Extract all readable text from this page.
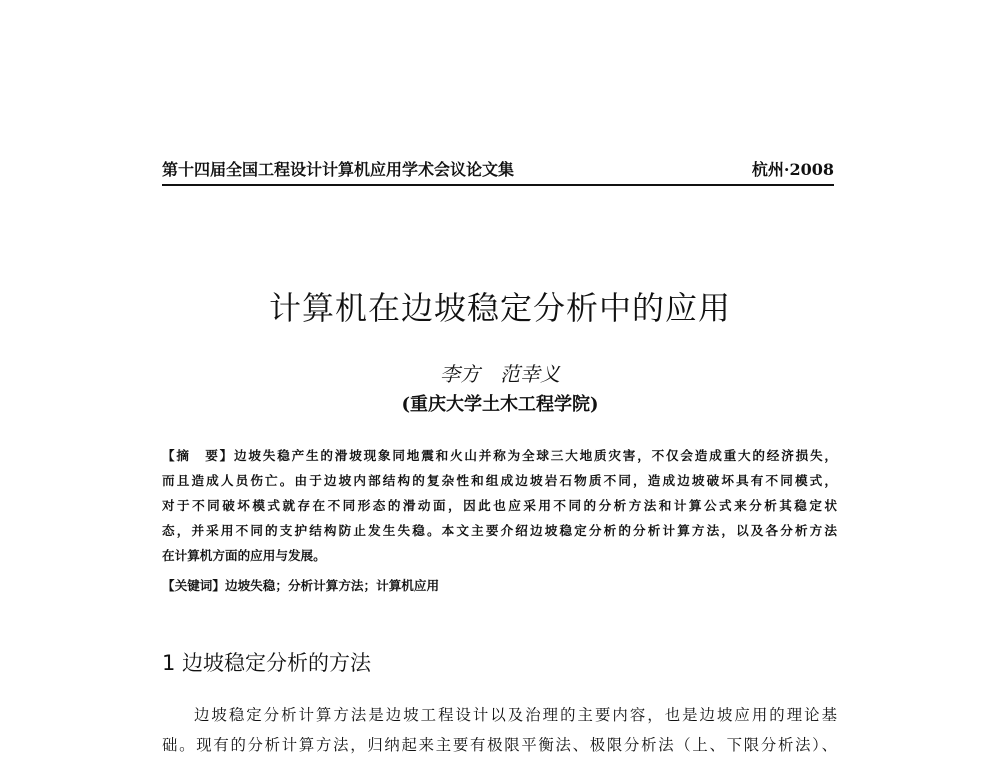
第十四届全国工程设计计算机应用学术会议论文集	杭州·2008
计算机在边坡稳定分析中的应用
李方　范幸义
(重庆大学土木工程学院)
【摘　要】边坡失稳产生的滑坡现象同地震和火山并称为全球三大地质灾害，不仅会造成重大的经济损失，
而且造成人员伤亡。由于边坡内部结构的复杂性和组成边坡岩石物质不同，造成边坡破坏具有不同模式，
对于不同破坏模式就存在不同形态的滑动面，因此也应采用不同的分析方法和计算公式来分析其稳定状
态，并采用不同的支护结构防止发生失稳。本文主要介绍边坡稳定分析的分析计算方法，以及各分析方法
在计算机方面的应用与发展。
【关键词】边坡失稳；分析计算方法；计算机应用
1 边坡稳定分析的方法
边坡稳定分析计算方法是边坡工程设计以及治理的主要内容，也是边坡应用的理论基
础。现有的分析计算方法，归纳起来主要有极限平衡法、极限分析法（上、下限分析法）、
